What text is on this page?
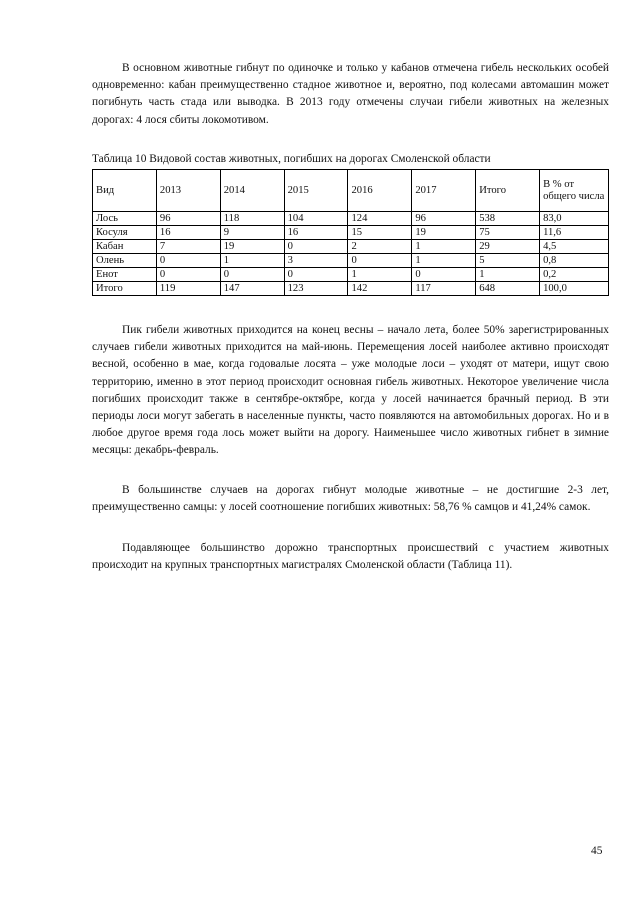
В основном животные гибнут по одиночке и только у кабанов отмечена гибель нескольких особей одновременно: кабан преимущественно стадное животное и, вероятно, под колесами автомашин может погибнуть часть стада или выводка. В 2013 году отмечены случаи гибели животных на железных дорогах: 4 лося сбиты локомотивом.

Таблица 10 Видовой состав животных, погибших на дорогах Смоленской области

Вид	2013	2014	2015	2016	2017	Итого	В % от общего числа
Лось	96	118	104	124	96	538	83,0
Косуля	16	9	16	15	19	75	11,6
Кабан	7	19	0	2	1	29	4,5
Олень	0	1	3	0	1	5	0,8
Енот	0	0	0	1	0	1	0,2
Итого	119	147	123	142	117	648	100,0

Пик гибели животных приходится на конец весны – начало лета, более 50% зарегистрированных случаев гибели животных приходится на май-июнь. Перемещения лосей наиболее активно происходят весной, особенно в мае, когда годовалые лосята – уже молодые лоси – уходят от матери, ищут свою территорию, именно в этот период происходит основная гибель животных. Некоторое увеличение числа погибших происходит также в сентябре-октябре, когда у лосей начинается брачный период. В эти периоды лоси могут забегать в населенные пункты, часто появляются на автомобильных дорогах. Но и в любое другое время года лось может выйти на дорогу. Наименьшее число животных гибнет в зимние месяцы: декабрь-февраль.

В большинстве случаев на дорогах гибнут молодые животные – не достигшие 2-3 лет, преимущественно самцы: у лосей соотношение погибших животных: 58,76 % самцов и 41,24% самок.

Подавляющее большинство дорожно транспортных происшествий с участием животных происходит на крупных транспортных магистралях Смоленской области (Таблица 11).

45
